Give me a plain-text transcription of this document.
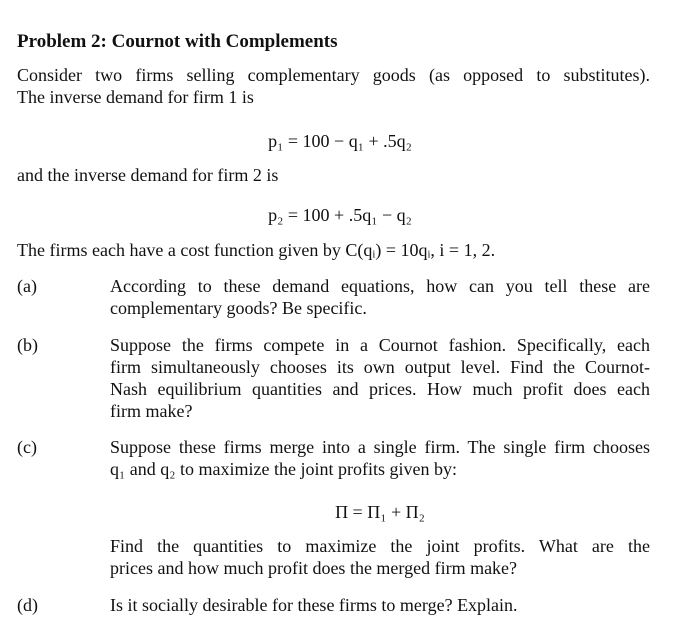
Problem 2: Cournot with Complements
Consider two firms selling complementary goods (as opposed to substitutes).
The inverse demand for firm 1 is
p₁ = 100 − q₁ + .5q₂
and the inverse demand for firm 2 is
p₂ = 100 + .5q₁ − q₂
The firms each have a cost function given by C(qᵢ) = 10qᵢ, i = 1, 2.
(a)	According to these demand equations, how can you tell these are
complementary goods? Be specific.
(b)	Suppose the firms compete in a Cournot fashion. Specifically, each
firm simultaneously chooses its own output level. Find the Cournot-
Nash equilibrium quantities and prices. How much profit does each
firm make?
(c)	Suppose these firms merge into a single firm. The single firm chooses
q₁ and q₂ to maximize the joint profits given by:
Π = Π₁ + Π₂
Find the quantities to maximize the joint profits. What are the
prices and how much profit does the merged firm make?
(d)	Is it socially desirable for these firms to merge? Explain.
